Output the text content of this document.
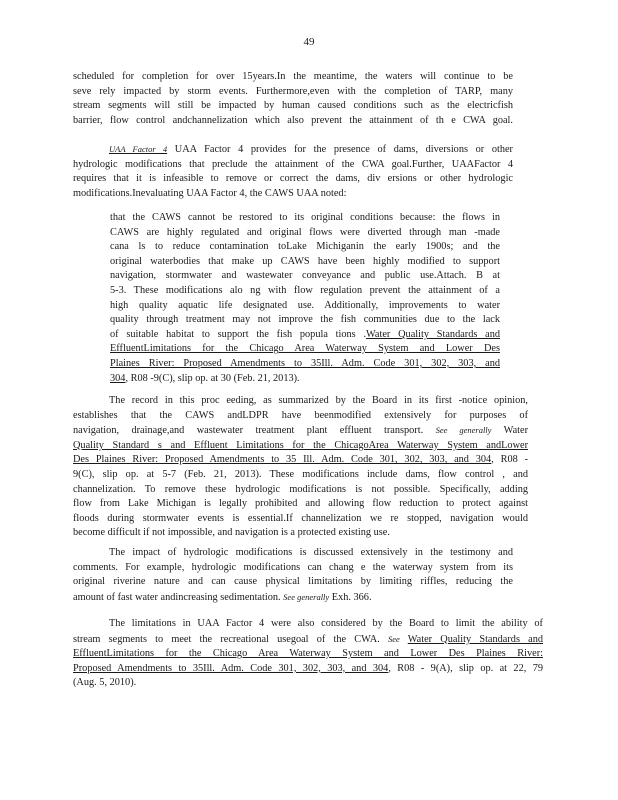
49
scheduled for completion for over 15years.In the meantime, the waters will continue to be
seve rely impacted by storm events. Furthermore,even with the completion of TARP, many
stream segments will still be impacted by human caused conditions such as the electricfish
barrier, flow control andchannelization which also prevent the attainment of th e CWA goal.
UAA Factor 4 UAA Factor 4 provides for the presence of dams, diversions or other
hydrologic modifications that preclude the attainment of the CWA goal.Further, UAAFactor 4
requires that it is infeasible to remove or correct the dams, div ersions or other hydrologic
modifications.Inevaluating UAA Factor 4, the CAWS UAA noted:
that the CAWS cannot be restored to its original conditions because: the flows in
CAWS are highly regulated and original flows were diverted through man -made
cana ls to reduce contamination toLake Michiganin the early 1900s; and the
original waterbodies that make up CAWS have been highly modified to support
navigation, stormwater and wastewater conveyance and public use.Attach. B at
5-3. These modifications alo ng with flow regulation prevent the attainment of a
high quality aquatic life designated use. Additionally, improvements to water
quality through treatment may not improve the fish communities due to the lack
of suitable habitat to support the fish popula tions .Water Quality Standards and
EffluentLimitations for the Chicago Area Waterway System and Lower Des
Plaines River: Proposed Amendments to 35Ill. Adm. Code 301, 302, 303, and
304, R08 -9(C), slip op. at 30 (Feb. 21, 2013).
The record in this proc eeding, as summarized by the Board in its first -notice opinion,
establishes that the CAWS andLDPR have beenmodified extensively for purposes of
navigation, drainage,and wastewater treatment plant effluent transport. See generally Water
Quality Standard s and Effluent Limitations for the ChicagoArea Waterway System andLower
Des Plaines River: Proposed Amendments to 35 Ill. Adm. Code 301, 302, 303, and 304, R08 -
9(C), slip op. at 5-7 (Feb. 21, 2013). These modifications include dams, flow control , and
channelization. To remove these hydrologic modifications is not possible. Specifically, adding
flow from Lake Michigan is legally prohibited and allowing flow reduction to protect against
floods during stormwater events is essential.If channelization we re stopped, navigation would
become difficult if not impossible, and navigation is a protected existing use.
The impact of hydrologic modifications is discussed extensively in the testimony and
comments. For example, hydrologic modifications can chang e the waterway system from its
original riverine nature and can cause physical limitations by limiting riffles, reducing the
amount of fast water andincreasing sedimentation. See generally Exh. 366.
The limitations in UAA Factor 4 were also considered by the Board to limit the ability of
stream segments to meet the recreational usegoal of the CWA. See Water Quality Standards and
EffluentLimitations for the Chicago Area Waterway System and Lower Des Plaines River:
Proposed Amendments to 35Ill. Adm. Code 301, 302, 303, and 304, R08 - 9(A), slip op. at 22, 79
(Aug. 5, 2010).
